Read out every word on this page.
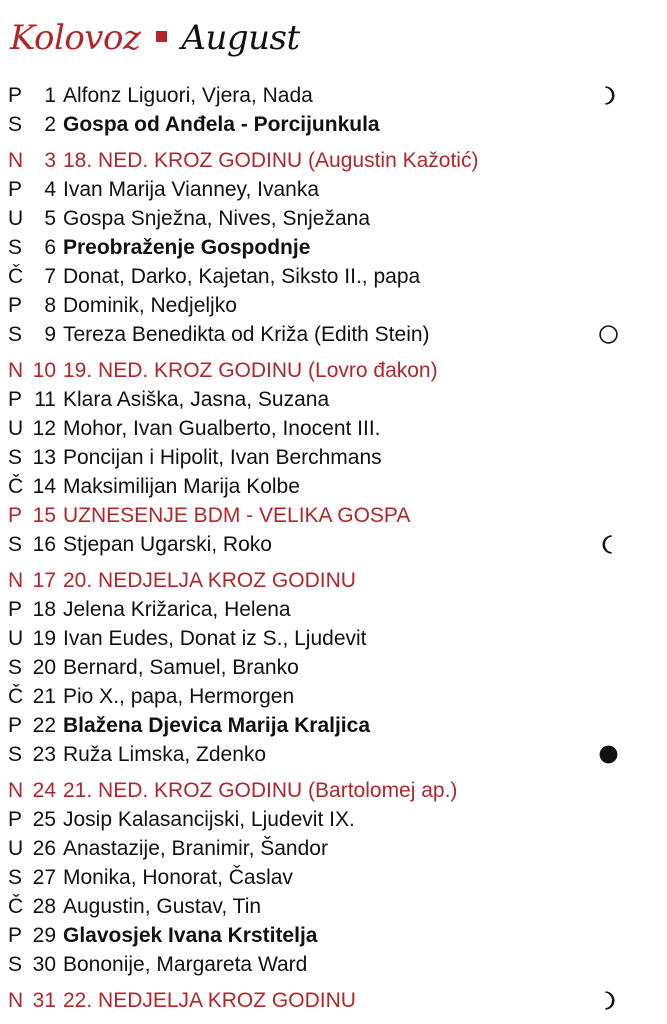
Kolovoz August
P	1 Alfonz Liguori, Vjera, Nada
S	2 Gospa od Anđela - Porcijunkula
N	3 18. NED. KROZ GODINU (Augustin Kažotić)
P	4 Ivan Marija Vianney, Ivanka
U	5 Gospa Snježna, Nives, Snježana
S	6 Preobraženje Gospodnje
Č	7 Donat, Darko, Kajetan, Siksto II., papa
P	8 Dominik, Nedjeljko
S	9 Tereza Benedikta od Križa (Edith Stein)
N 10 19. NED. KROZ GODINU (Lovro đakon)
P 11 Klara Asiška, Jasna, Suzana
U 12 Mohor, Ivan Gualberto, Inocent III.
S 13 Poncijan i Hipolit, Ivan Berchmans
Č 14 Maksimilijan Marija Kolbe
P 15 UZNESENJE BDM - VELIKA GOSPA
S 16 Stjepan Ugarski, Roko
N 17 20. NEDJELJA KROZ GODINU
P 18 Jelena Križarica, Helena
U 19 Ivan Eudes, Donat iz S., Ljudevit
S 20 Bernard, Samuel, Branko
Č 21 Pio X., papa, Hermorgen
P 22 Blažena Djevica Marija Kraljica
S 23 Ruža Limska, Zdenko
N 24 21. NED. KROZ GODINU (Bartolomej ap.)
P 25 Josip Kalasancijski, Ljudevit IX.
U 26 Anastazije, Branimir, Šandor
S 27 Monika, Honorat, Časlav
Č 28 Augustin, Gustav, Tin
P 29 Glavosjek Ivana Krstitelja
S 30 Bononije, Margareta Ward
N 31 22. NEDJELJA KROZ GODINU
